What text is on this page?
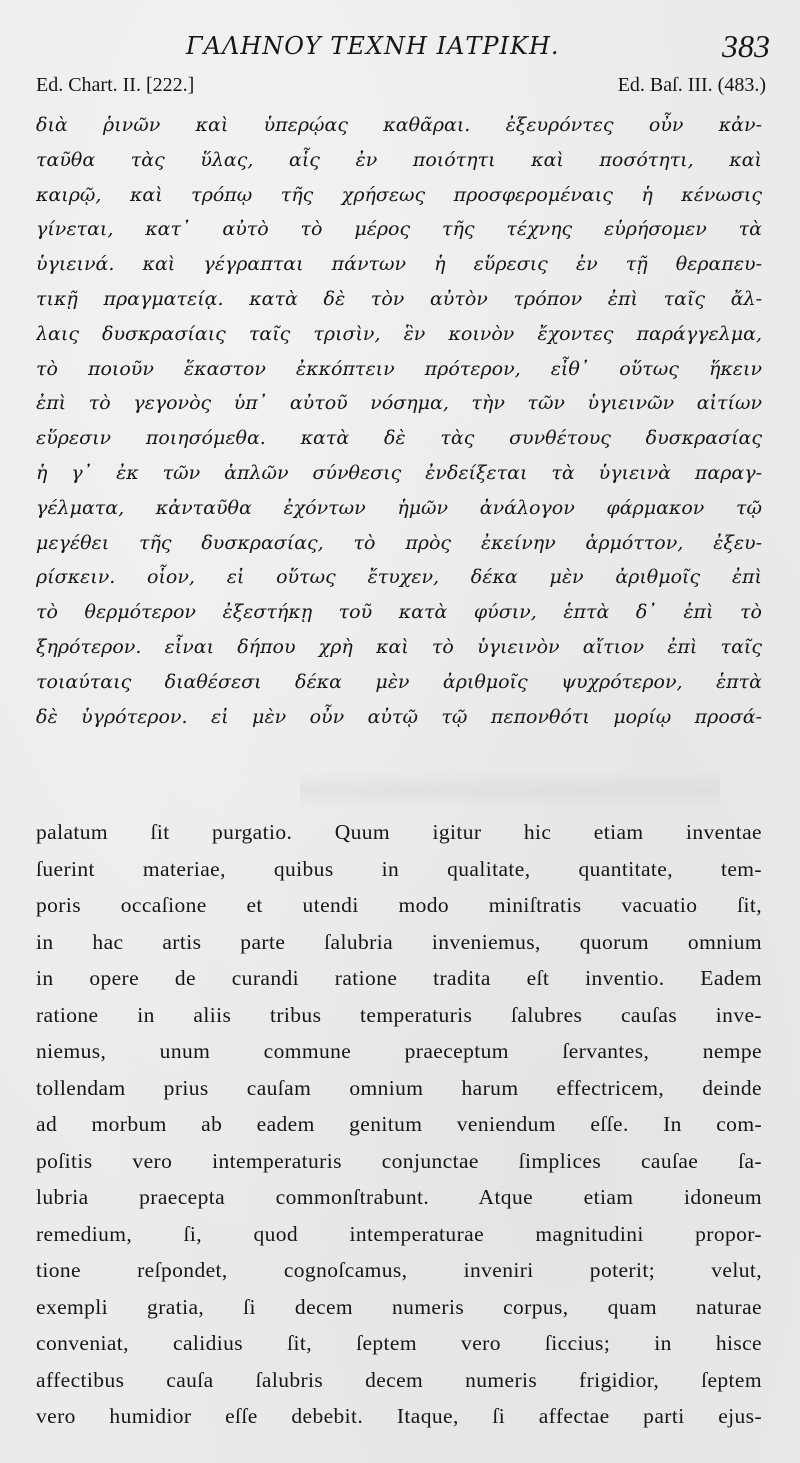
ΓΑΛΗΝΟΥ ΤΕΧΝΗ ΙΑΤΡΙΚΗ.	383
Ed. Chart. II. [222.]	Ed. Baſ. III. (483.)
διὰ ῥινῶν καὶ ὑπερῴας καθᾶραι. ἐξευρόντες οὖν κἀν-
ταῦθα τὰς ὕλας, αἷς ἐν ποιότητι καὶ ποσότητι, καὶ
καιρῷ, καὶ τρόπῳ τῆς χρήσεως προσφερομέναις ἡ κένωσις
γίνεται, κατ᾽ αὐτὸ τὸ μέρος τῆς τέχνης εὑρήσομεν τὰ
ὑγιεινά. καὶ γέγραπται πάντων ἡ εὕρεσις ἐν τῇ θεραπευ-
τικῇ πραγματείᾳ. κατὰ δὲ τὸν αὐτὸν τρόπον ἐπὶ ταῖς ἄλ-
λαις δυσκρασίαις ταῖς τρισὶν, ἓν κοινὸν ἔχοντες παράγγελμα,
τὸ ποιοῦν ἕκαστον ἐκκόπτειν πρότερον, εἶθ᾽ οὕτως ἥκειν
ἐπὶ τὸ γεγονὸς ὑπ᾽ αὐτοῦ νόσημα, τὴν τῶν ὑγιεινῶν αἰτίων
εὕρεσιν ποιησόμεθα. κατὰ δὲ τὰς συνθέτους δυσκρασίας
ἡ γ᾽ ἐκ τῶν ἁπλῶν σύνθεσις ἐνδείξεται τὰ ὑγιεινὰ παραγ-
γέλματα, κἀνταῦθα ἐχόντων ἡμῶν ἀνάλογον φάρμακον τῷ
μεγέθει τῆς δυσκρασίας, τὸ πρὸς ἐκείνην ἁρμόττον, ἐξευ-
ρίσκειν. οἷον, εἰ οὕτως ἔτυχεν, δέκα μὲν ἀριθμοῖς ἐπὶ
τὸ θερμότερον ἐξεστήκῃ τοῦ κατὰ φύσιν, ἑπτὰ δ᾽ ἐπὶ τὸ
ξηρότερον. εἶναι δήπου χρὴ καὶ τὸ ὑγιεινὸν αἴτιον ἐπὶ ταῖς
τοιαύταις διαθέσεσι δέκα μὲν ἀριθμοῖς ψυχρότερον, ἑπτὰ
δὲ ὑγρότερον. εἰ μὲν οὖν αὐτῷ τῷ πεπονθότι μορίῳ προσά-
palatum ſit purgatio. Quum igitur hic etiam inventae
ſuerint materiae, quibus in qualitate, quantitate, tem-
poris occaſione et utendi modo miniſtratis vacuatio ſit,
in hac artis parte ſalubria inveniemus, quorum omnium
in opere de curandi ratione tradita eſt inventio. Eadem
ratione in aliis tribus temperaturis ſalubres cauſas inve-
niemus, unum commune praeceptum ſervantes, nempe
tollendam prius cauſam omnium harum effectricem, deinde
ad morbum ab eadem genitum veniendum eſſe. In com-
poſitis vero intemperaturis conjunctae ſimplices cauſae ſa-
lubria praecepta commonſtrabunt. Atque etiam idoneum
remedium, ſi, quod intemperaturae magnitudini propor-
tione reſpondet, cognoſcamus, inveniri poterit; velut,
exempli gratia, ſi decem numeris corpus, quam naturae
conveniat, calidius ſit, ſeptem vero ſiccius; in hisce
affectibus cauſa ſalubris decem numeris frigidior, ſeptem
vero humidior eſſe debebit. Itaque, ſi affectae parti ejus-
